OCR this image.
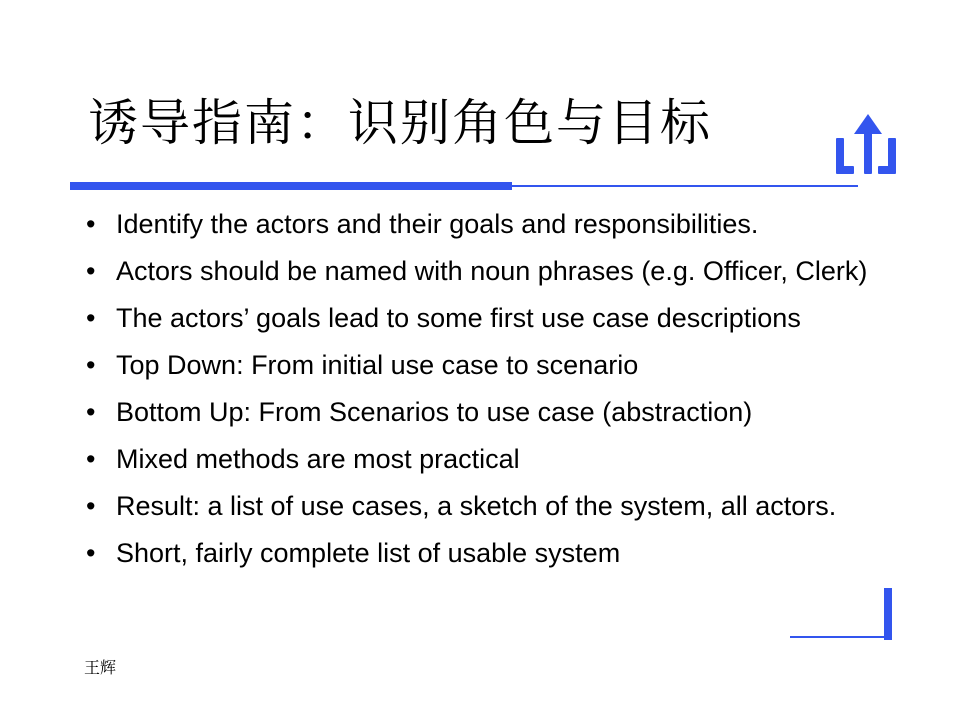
诱导指南：识别角色与目标
• Identify the actors and their goals and responsibilities.
• Actors should be named with noun phrases (e.g. Officer, Clerk)
• The actors’ goals lead to some first use case descriptions
• Top Down: From initial use case to scenario
• Bottom Up: From Scenarios to use case (abstraction)
• Mixed methods are most practical
• Result: a list of use cases, a sketch of the system, all actors.
• Short, fairly complete list of usable system
王辉
